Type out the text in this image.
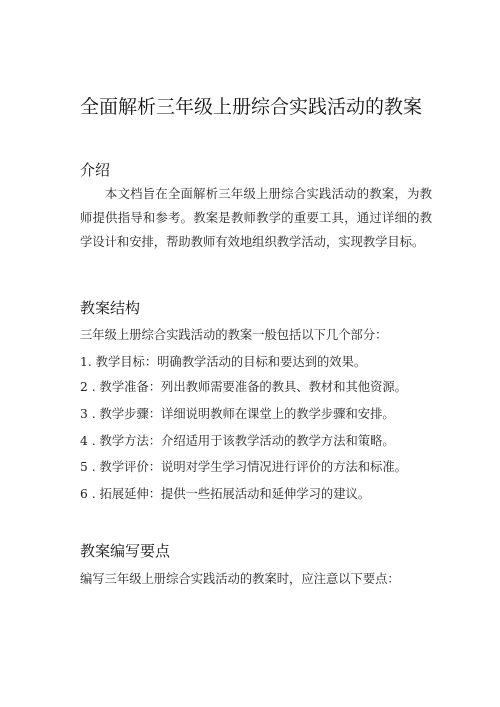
全面解析三年级上册综合实践活动的教案
介绍

本文档旨在全面解析三年级上册综合实践活动的教案，为教师提供指导和参考。教案是教师教学的重要工具，通过详细的教学设计和安排，帮助教师有效地组织教学活动，实现教学目标。

教案结构

三年级上册综合实践活动的教案一般包括以下几个部分：

1. 教学目标：明确教学活动的目标和要达到的效果。

2 . 教学准备：列出教师需要准备的教具、教材和其他资源。

3 . 教学步骤：详细说明教师在课堂上的教学步骤和安排。

4 . 教学方法：介绍适用于该教学活动的教学方法和策略。

5 . 教学评价：说明对学生学习情况进行评价的方法和标准。

6 . 拓展延伸：提供一些拓展活动和延伸学习的建议。

教案编写要点

编写三年级上册综合实践活动的教案时，应注意以下要点：
